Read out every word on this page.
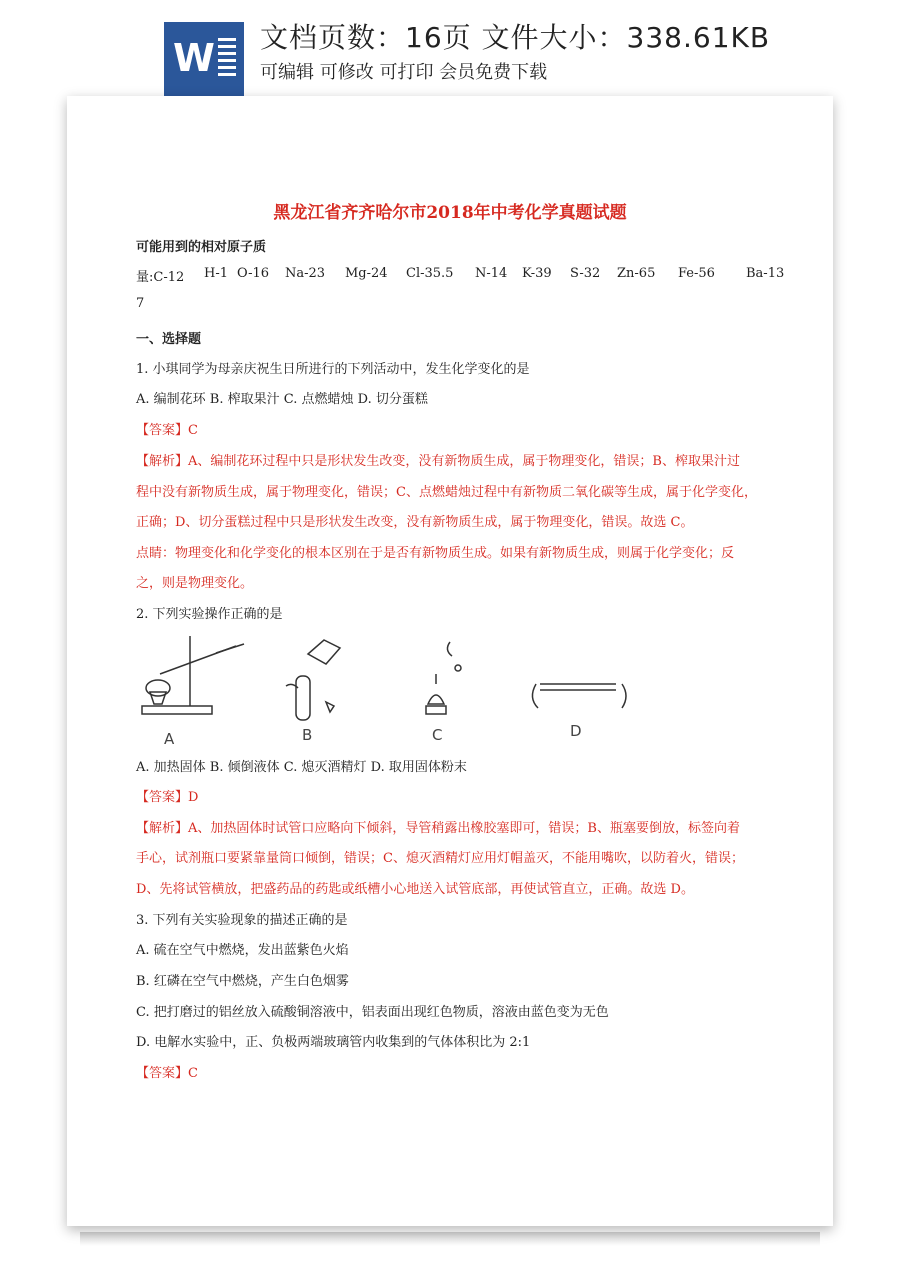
W 文档页数：16页 文件大小：338.61KB
可编辑 可修改 可打印 会员免费下载
黑龙江省齐齐哈尔市2018年中考化学真题试题
可能用到的相对原子质
量:C-12 H-1 O-16 Na-23 Mg-24 Cl-35.5 N-14 K-39 S-32 Zn-65 Fe-56 Ba-13
7
一、选择题
1. 小琪同学为母亲庆祝生日所进行的下列活动中，发生化学变化的是
A. 编制花环 B. 榨取果汁 C. 点燃蜡烛 D. 切分蛋糕
【答案】C
【解析】A、编制花环过程中只是形状发生改变，没有新物质生成，属于物理变化，错误；B、榨取果汁过
程中没有新物质生成，属于物理变化，错误；C、点燃蜡烛过程中有新物质二氧化碳等生成，属于化学变化，
正确；D、切分蛋糕过程中只是形状发生改变，没有新物质生成，属于物理变化，错误。故选 C。
点睛：物理变化和化学变化的根本区别在于是否有新物质生成。如果有新物质生成，则属于化学变化；反
之，则是物理变化。
2. 下列实验操作正确的是
A	B	C	D
A. 加热固体 B. 倾倒液体 C. 熄灭酒精灯 D. 取用固体粉末
【答案】D
【解析】A、加热固体时试管口应略向下倾斜，导管稍露出橡胶塞即可，错误；B、瓶塞要倒放，标签向着
手心，试剂瓶口要紧靠量筒口倾倒，错误；C、熄灭酒精灯应用灯帽盖灭，不能用嘴吹，以防着火，错误；
D、先将试管横放，把盛药品的药匙或纸槽小心地送入试管底部，再使试管直立，正确。故选 D。
3. 下列有关实验现象的描述正确的是
A. 硫在空气中燃烧，发出蓝紫色火焰
B. 红磷在空气中燃烧，产生白色烟雾
C. 把打磨过的铝丝放入硫酸铜溶液中，铝表面出现红色物质，溶液由蓝色变为无色
D. 电解水实验中，正、负极两端玻璃管内收集到的气体体积比为 2:1
【答案】C
